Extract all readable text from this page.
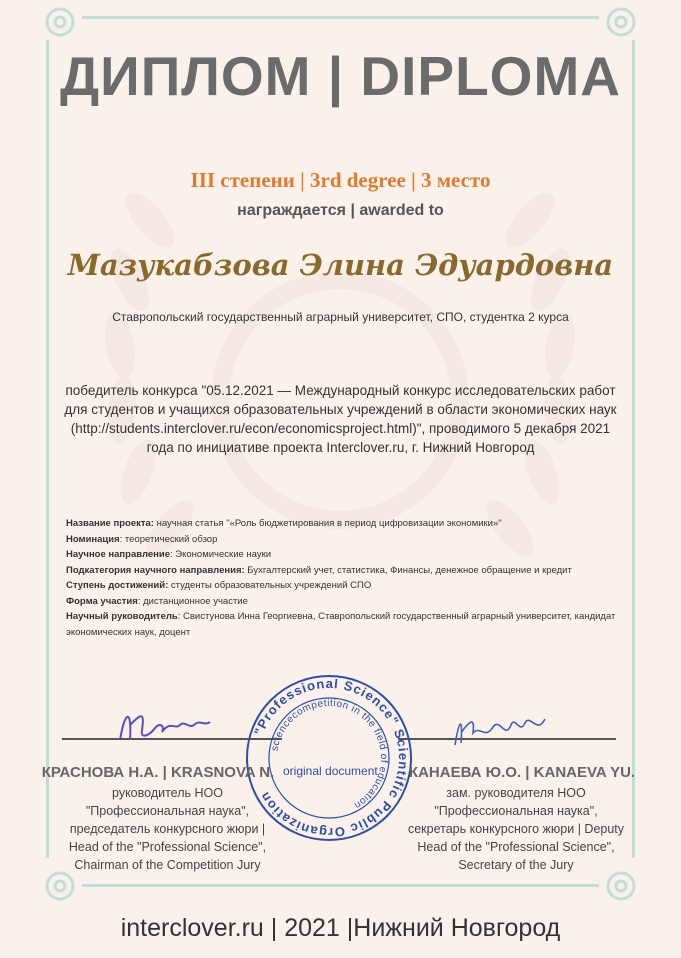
ДИПЛОМ | DIPLOMA
III степени | 3rd degree | 3 место
награждается | awarded to
Мазукабзова Элина Эдуардовна
Ставропольский государственный аграрный университет, СПО, студентка 2 курса
победитель конкурса "05.12.2021 — Международный конкурс исследовательских работ для студентов и учащихся образовательных учреждений в области экономических наук (http://students.interclover.ru/econ/economicsproject.html)", проводимого 5 декабря 2021 года по инициативе проекта Interclover.ru, г. Нижний Новгород
Название проекта: научная статья "«Роль бюджетирования в период цифровизации экономики»"
Номинация: теоретический обзор
Научное направление: Экономические науки
Подкатегория научного направления: Бухгалтерский учет, статистика, Финансы, денежное обращение и кредит
Ступень достижений: студенты образовательных учреждений СПО
Форма участия: дистанционное участие
Научный руководитель: Свистунова Инна Георгиевна, Ставропольский государственный аграрный университет, кандидат экономических наук, доцент
"Professional Science" Scientific Public Organization
sciencecompetition in the field of education
original document
КРАСНОВА Н.А. | KRASNOVA N.	КАНАЕВА Ю.О. | KANAEVA YU.
руководитель НОО
"Профессиональная наука",
председатель конкурсного жюри |
Head of the "Professional Science",
Chairman of the Competition Jury
зам. руководителя НОО
"Профессиональная наука",
секретарь конкурсного жюри | Deputy
Head of the "Professional Science",
Secretary of the Jury
interclover.ru | 2021 |Нижний Новгород
